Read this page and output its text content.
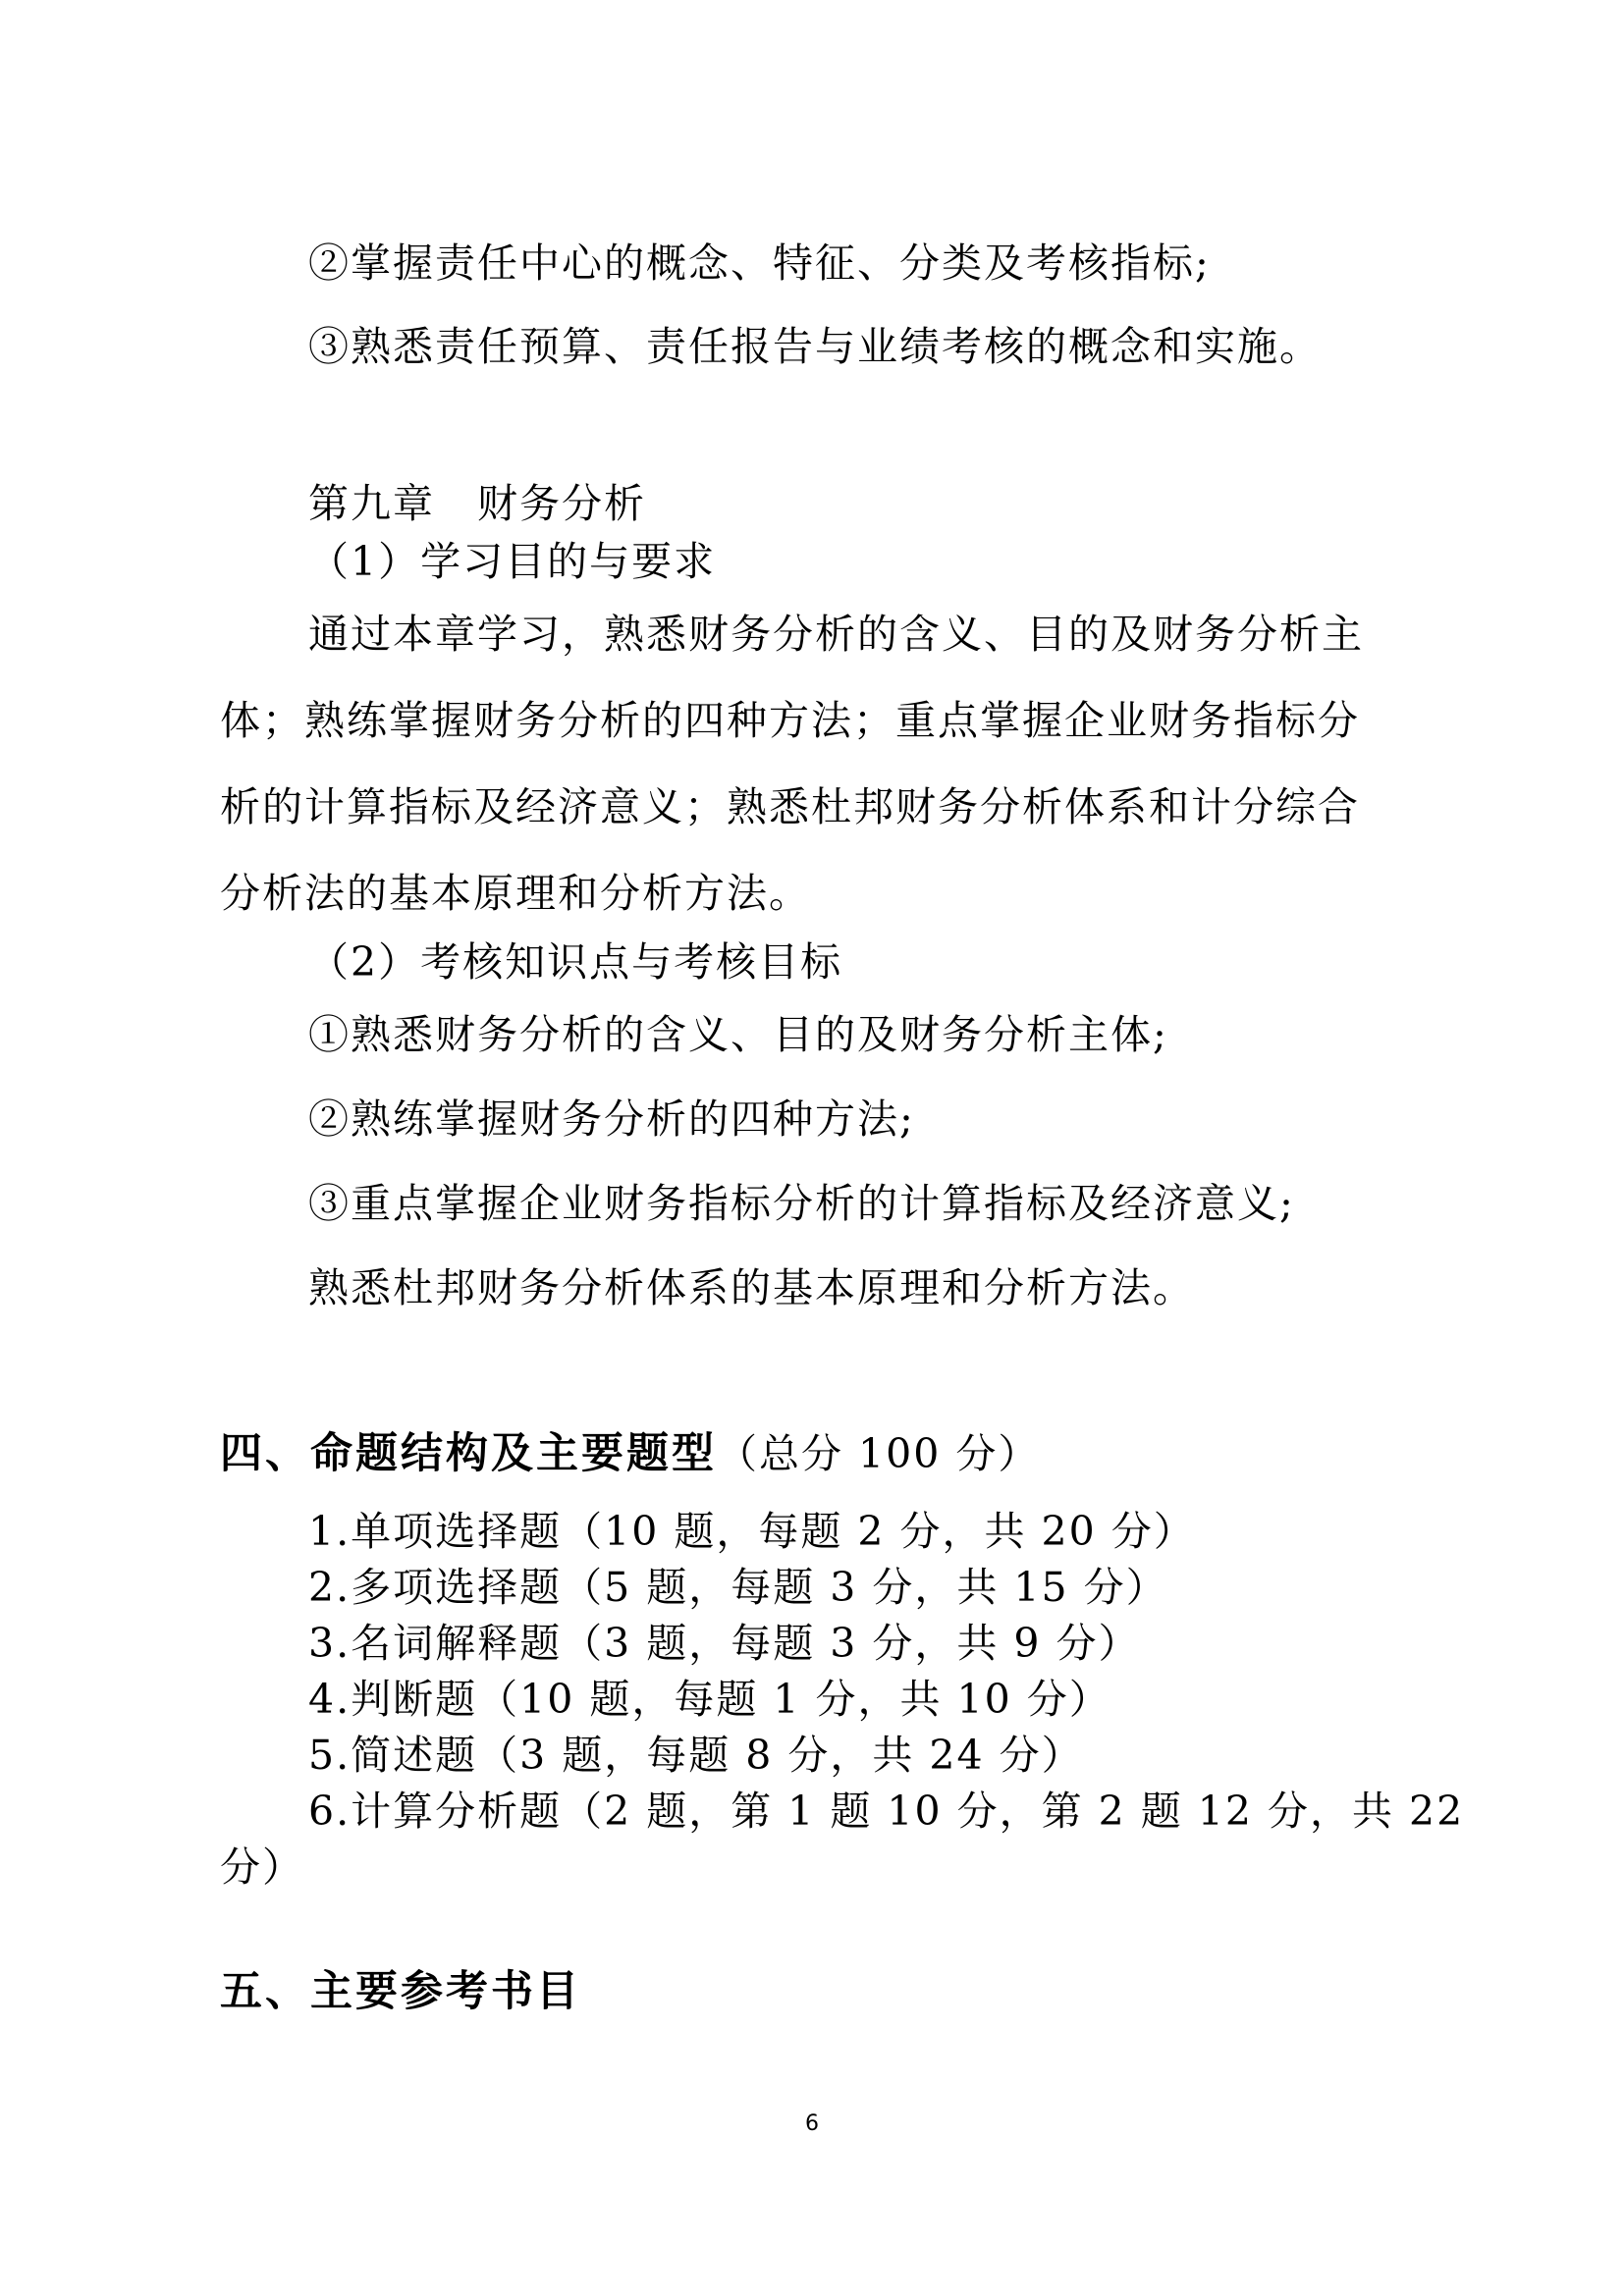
②掌握责任中心的概念、特征、分类及考核指标;
③熟悉责任预算、责任报告与业绩考核的概念和实施。
第九章　财务分析
（1）学习目的与要求
通过本章学习，熟悉财务分析的含义、目的及财务分析主
体；熟练掌握财务分析的四种方法；重点掌握企业财务指标分
析的计算指标及经济意义；熟悉杜邦财务分析体系和计分综合
分析法的基本原理和分析方法。
（2）考核知识点与考核目标
①熟悉财务分析的含义、目的及财务分析主体;
②熟练掌握财务分析的四种方法;
③重点掌握企业财务指标分析的计算指标及经济意义;
熟悉杜邦财务分析体系的基本原理和分析方法。
四、命题结构及主要题型（总分 100 分）
1.单项选择题（10 题，每题 2 分，共 20 分）
2.多项选择题（5 题，每题 3 分，共 15 分）
3.名词解释题（3 题，每题 3 分，共 9 分）
4.判断题（10 题，每题 1 分，共 10 分）
5.简述题（3 题，每题 8 分，共 24 分）
6.计算分析题（2 题，第 1 题 10 分，第 2 题 12 分，共 22
分）
五、主要参考书目
6
